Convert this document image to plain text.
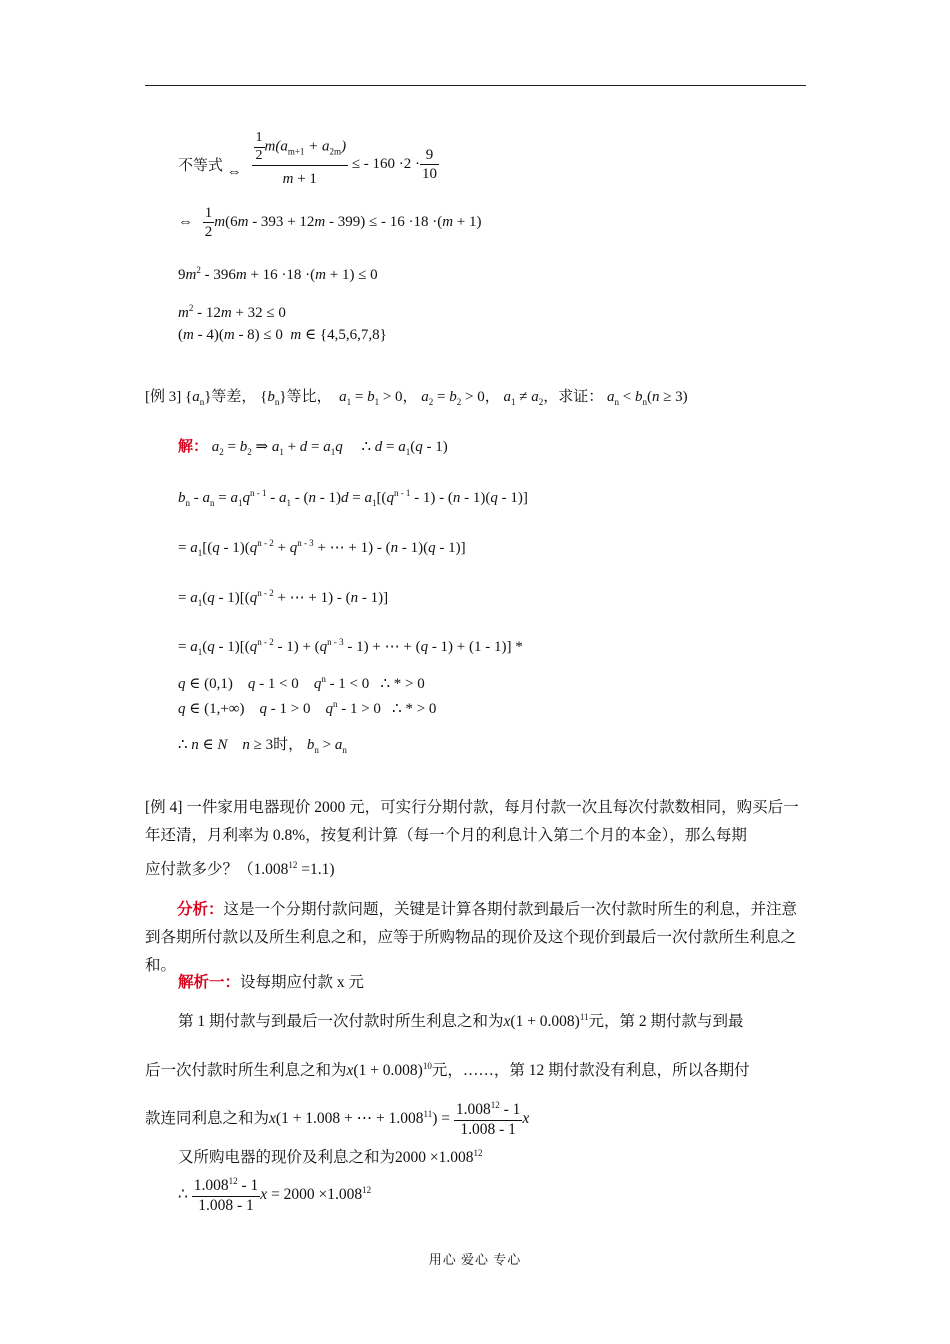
不等式 ⇔ $\frac{\frac{1}{2} m(a_{m+1} + a_{2m})}{m + 1}$ ≤ - $160 \cdot 2 \cdot \frac{9}{10}$
⇔ $\frac{1}{2} m(6m - 393 + 12m - 399)$ ≤ - 16 ·18 ·(m + 1)
$9m^2 - 396m + 16 \cdot 18 \cdot(m + 1) \le 0$
$m^2 - 12m + 32 \le 0$
(m - 4)(m - 8) ≤ 0  m ∈ {4,5,6,7,8}
[例 3] $\{a_n\}$等差， $\{b_n\}$等比，  $a_1 = b_1 > 0$， $a_2 = b_2 > 0$， $a_1 \ne a_2$，求证： $a_n < b_n(n \ge 3)$
解： $a_2 = b_2$ ⇒ $a_1 + d = a_1q$ ∴ $d = a_1(q - 1)$
$b_n - a_n = a_1q^{n - 1} - a_1 - (n - 1)d = a_1[(q^{n - 1} - 1) - (n - 1)(q - 1)]$
= $a_1[(q - 1)(q^{n - 2} + q^{n - 3}$ + ⋯ + 1) - (n - 1)(q - 1)]
= $a_1(q - 1)[(q^{n - 2}$ + ⋯ + 1) - (n - 1)]
= $a_1(q - 1)[(q^{n - 2} - 1) + (q^{n - 3} - 1)$ + ⋯ + (q - 1) + (1 - 1)] *
q ∈ (0,1)    q - 1 < 0    $q^n - 1 < 0$   ∴ * > 0
q ∈ (1,+∞)    q - 1 > 0    $q^n - 1 > 0$   ∴ * > 0
∴ n ∈ N n ≥ 3时， $b_n > a_n$
[例 4] 一件家用电器现价 2000 元，可实行分期付款，每月付款一次且每次付款数相同，购买后一年还清，月利率为 0.8%，按复利计算（每一个月的利息计入第二个月的本金），那么每期
应付款多少？$(1.008^{12} =1.1)$
分析：这是一个分期付款问题，关键是计算各期付款到最后一次付款时所生的利息，并注意到各期所付款以及所生利息之和，应等于所购物品的现价及这个现价到最后一次付款所生利息之和。
解析一：设每期应付款 x 元
第 1 期付款与到最后一次付款时所生利息之和为$x(1 + 0.008)^{11}$元，第 2 期付款与到最
后一次付款时所生利息之和为$x(1 + 0.008)^{10}$元，……，第 12 期付款没有利息，所以各期付
款连同利息之和为x(1 + 1.008 + ⋯ + $1.008^{11}) = \frac{1.008^{12} - 1}{1.008 - 1}$ x
又所购电器的现价及利息之和为$2000 \times 1.008^{12}$
∴ $\frac{1.008^{12} - 1}{1.008 - 1}$ $x = 2000 \times 1.008^{12}$
用心 爱心 专心
